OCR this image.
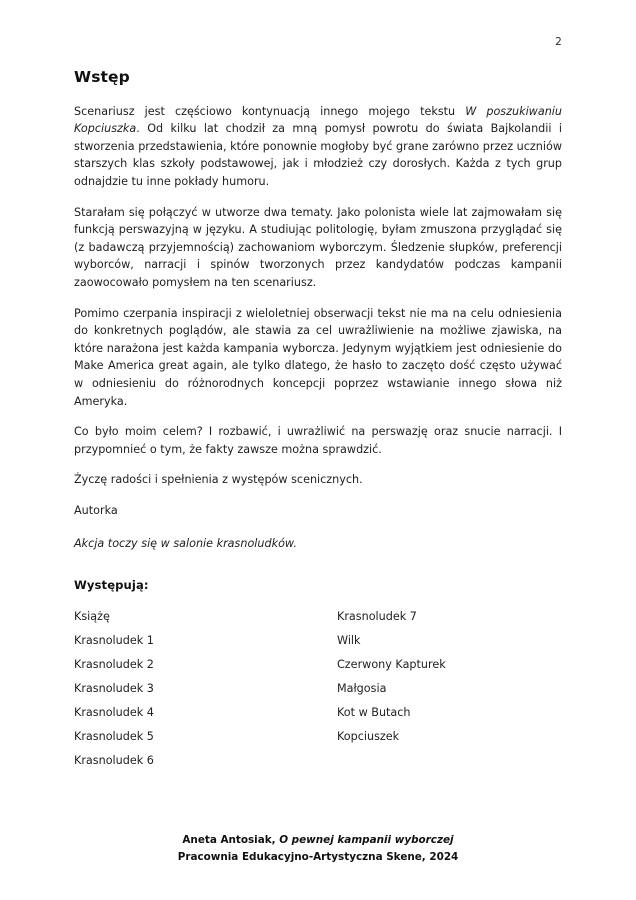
2
Wstęp

Scenariusz jest częściowo kontynuacją innego mojego tekstu W poszukiwaniu Kopciuszka. Od kilku lat chodził za mną pomysł powrotu do świata Bajkolandii i stworzenia przedstawienia, które ponownie mogłoby być grane zarówno przez uczniów starszych klas szkoły podstawowej, jak i młodzież czy dorosłych. Każda z tych grup odnajdzie tu inne pokłady humoru.

Starałam się połączyć w utworze dwa tematy. Jako polonista wiele lat zajmowałam się funkcją perswazyjną w języku. A studiując politologię, byłam zmuszona przyglądać się (z badawczą przyjemnością) zachowaniom wyborczym. Śledzenie słupków, preferencji wyborców, narracji i spinów tworzonych przez kandydatów podczas kampanii zaowocowało pomysłem na ten scenariusz.

Pomimo czerpania inspiracji z wieloletniej obserwacji tekst nie ma na celu odniesienia do konkretnych poglądów, ale stawia za cel uwrażliwienie na możliwe zjawiska, na które narażona jest każda kampania wyborcza. Jedynym wyjątkiem jest odniesienie do Make America great again, ale tylko dlatego, że hasło to zaczęto dość często używać w odniesieniu do różnorodnych koncepcji poprzez wstawianie innego słowa niż Ameryka.

Co było moim celem? I rozbawić, i uwrażliwić na perswazję oraz snucie narracji. I przypomnieć o tym, że fakty zawsze można sprawdzić.

Życzę radości i spełnienia z występów scenicznych.

Autorka

Akcja toczy się w salonie krasnoludków.
Występują:
Książę
Krasnoludek 1
Krasnoludek 2
Krasnoludek 3
Krasnoludek 4
Krasnoludek 5
Krasnoludek 6
Krasnoludek 7
Wilk
Czerwony Kapturek
Małgosia
Kot w Butach
Kopciuszek
Aneta Antosiak, O pewnej kampanii wyborczej
Pracownia Edukacyjno-Artystyczna Skene, 2024
